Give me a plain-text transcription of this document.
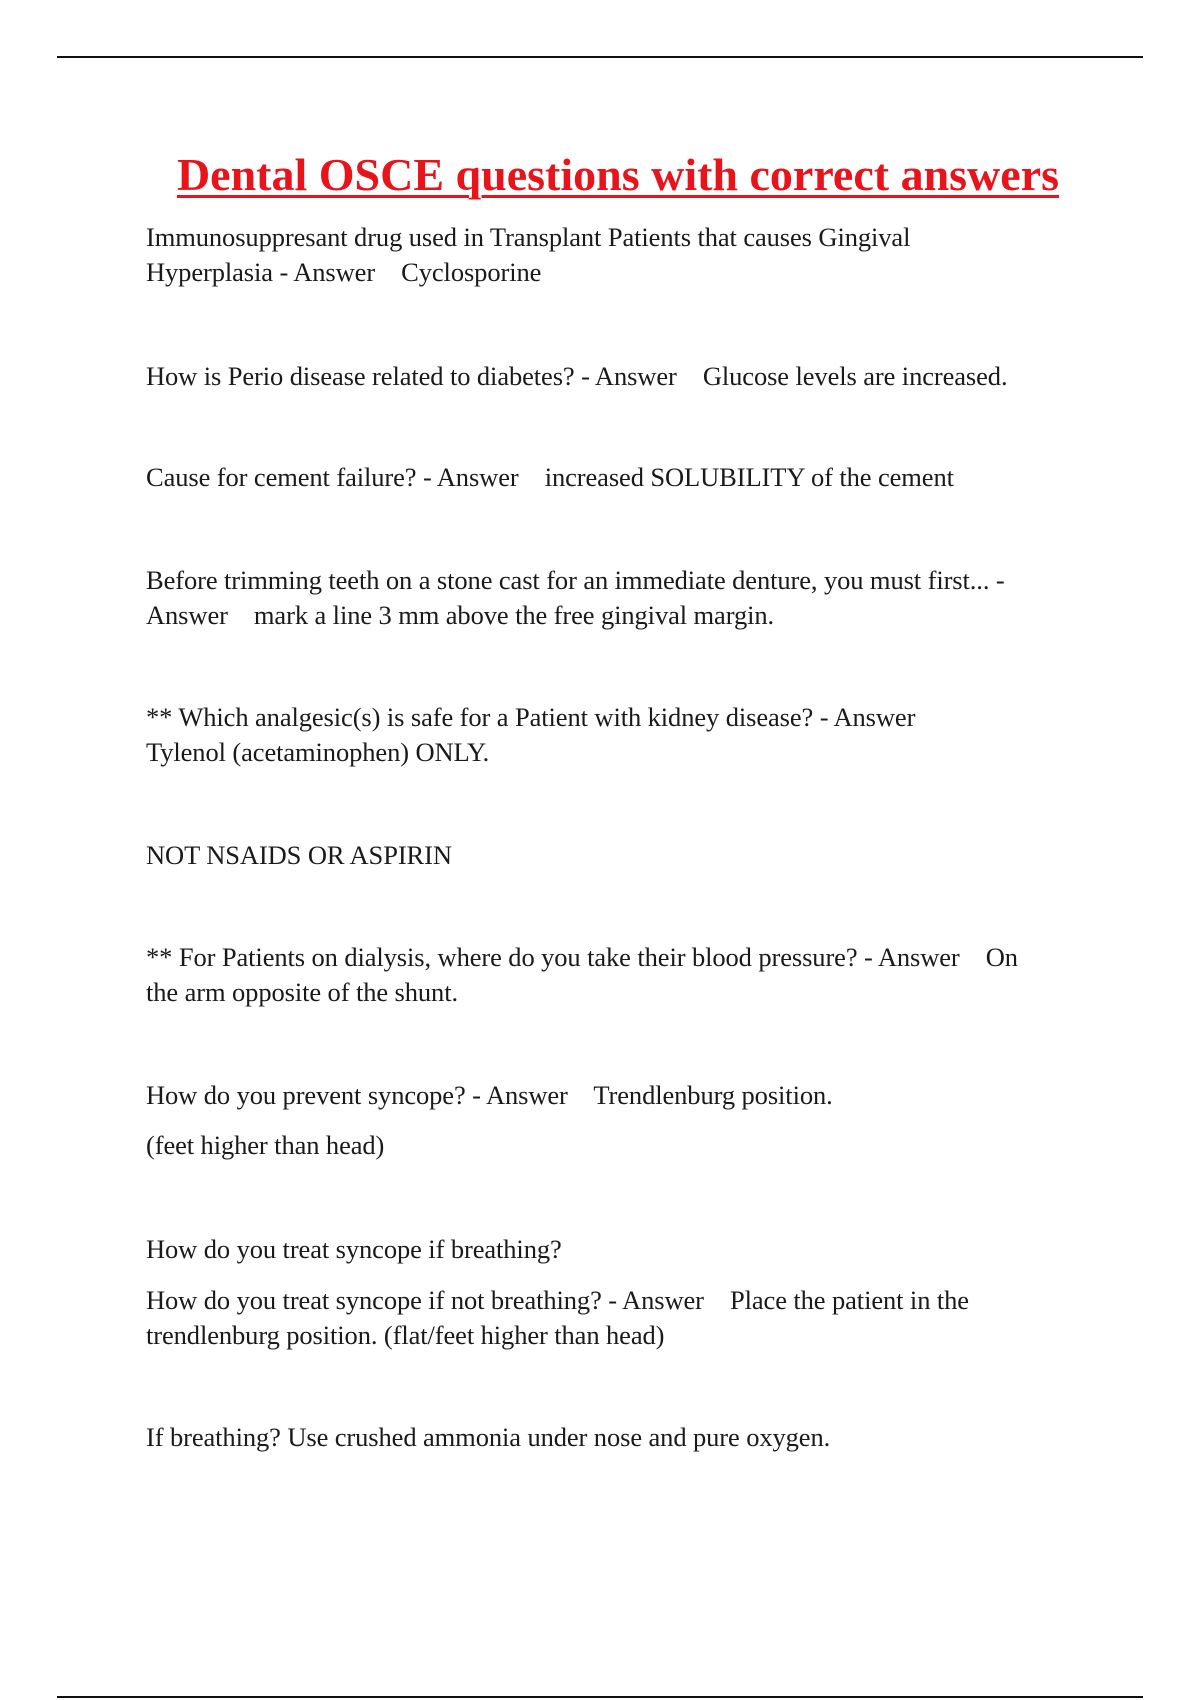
Dental OSCE questions with correct answers

Immunosuppresant drug used in Transplant Patients that causes Gingival
Hyperplasia - Answer    Cyclosporine

How is Perio disease related to diabetes? - Answer    Glucose levels are increased.

Cause for cement failure? - Answer    increased SOLUBILITY of the cement

Before trimming teeth on a stone cast for an immediate denture, you must first... -
Answer    mark a line 3 mm above the free gingival margin.

** Which analgesic(s) is safe for a Patient with kidney disease? - Answer
Tylenol (acetaminophen) ONLY.

NOT NSAIDS OR ASPIRIN

** For Patients on dialysis, where do you take their blood pressure? - Answer    On
the arm opposite of the shunt.

How do you prevent syncope? - Answer    Trendlenburg position.

(feet higher than head)

How do you treat syncope if breathing?

How do you treat syncope if not breathing? - Answer    Place the patient in the
trendlenburg position. (flat/feet higher than head)

If breathing? Use crushed ammonia under nose and pure oxygen.
